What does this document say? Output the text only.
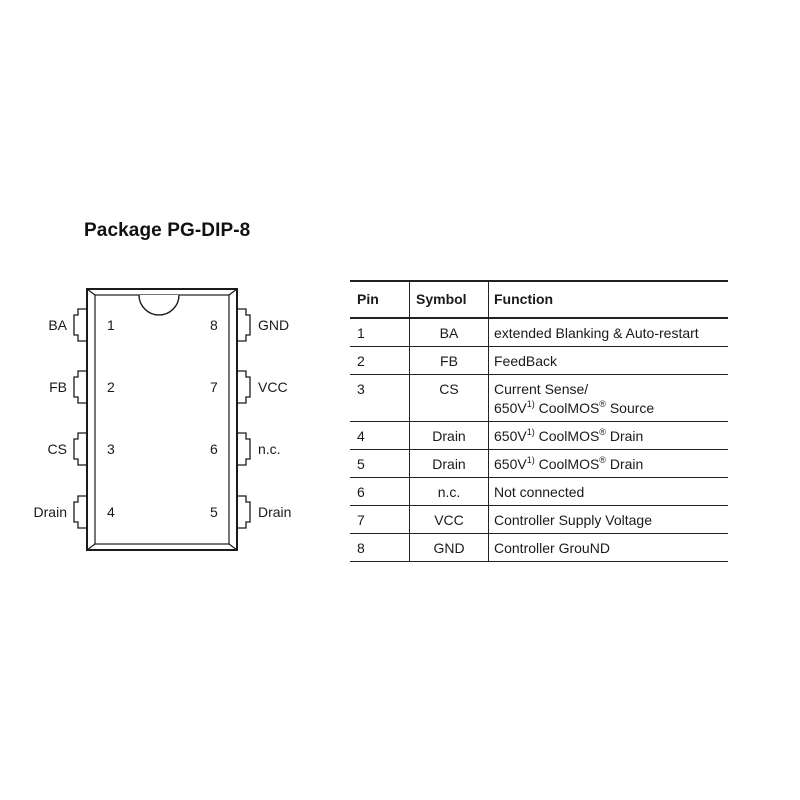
Package PG-DIP-8
1
BA
2
FB
3
CS
4
Drain
8	GND
7	VCC
6	n.c.
5	Drain
Pin	Symbol	Function
1	BA	extended Blanking & Auto-restart

2	FB	FeedBack

3	CS	Current Sense/
$650V^{1)}$ CoolMOS® Source

4	Drain	$650V^{1)}$ CoolMOS® Drain

5	Drain	$650V^{1)}$ CoolMOS® Drain

6	n.c.	Not connected

7	VCC	Controller Supply Voltage

8	GND	Controller GrouND
